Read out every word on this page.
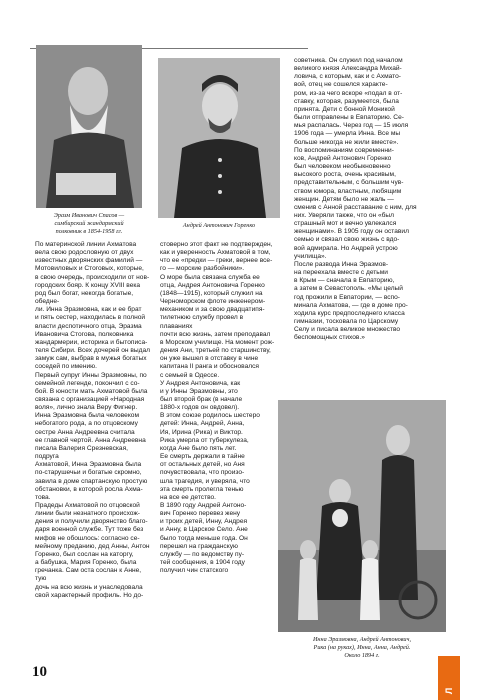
Эразм Иванович Спасов —
симбирский жандармский
полковник в 1854-1958 гг.
Андрей Антонович Горенко

По материнской линии Ахматова

вела свою родословную от двух

известных дворянских фамилий —

Мотовиловых и Стоговых, которые,

в свою очередь, происходили от нов-

городских бояр. К концу XVIII века

род был богат, некогда богатые, обедне-

ли. Инна Эразмовна, как и ее брат

и пять сестер, находилась в полной

власти деспотичного отца, Эразма

Ивановича Стогова, полковника

жандармерии, историка и бытописа-

теля Сибири. Всех дочерей он выдал

замуж сам, выбрав в мужья богатых

соседей по имению.

Первый супруг Инны Эразмовны, по

семейной легенде, покончил с со-

бой. В юности мать Ахматовой была

связана с организацией «Народная

воля», лично знала Веру Фигнер.

Инна Эразмовна была человеком

небогатого рода, а по отцовскому

сестре Анна Андреевна считала

ее главной чертой. Анна Андреевна

писала Валерия Срезневская, подруга

Ахматовой, Инна Эразмовна была

по-старушечьи и богатые скромно,

завила в доме спартанскую простую

обстановки, в которой росла Ахма-

това.

Прадеды Ахматовой по отцовской

линии были незнатного происхож-

дения и получили дворянство благо-

даря военной службе. Тут тоже без

мифов не обошлось: согласно се-

мейному преданию, дед Анны, Антон

Горенко, был сослан на каторгу,

а бабушка, Мария Горенко, была

гречанка. Сам оста сослан к Анне, тую

дочь на всю жизнь и унаследовала

свой характерный профиль. Но до-

стоверно этот факт не подтвержден,

как и уверенность Ахматовой в том,

что ее «предки — греки, вернее все-

го — морские разбойники».

О море была связана служба ее

отца, Андрея Антоновича Горенко

(1848—1915), который служил на

Черноморском флоте инженером-

механиком и за свою двадцатипя-

тилетнюю службу провел в плаваниях

почти всю жизнь, затем преподавал

в Морском училище. На момент рож-

дения Ани, третьей по старшинству,

он уже вышел в отставку в чине

капитана II ранга и обосновался

с семьей в Одессе.

У Андрея Антоновича, как

и у Инны Эразмовны, это

был второй брак (в начале

1880-х годов он овдовел).

В этом союзе родилось шестеро

детей: Инна, Андрей, Анна,

Ия, Ирина (Рика) и Виктор.

Рика умерла от туберкулеза,

когда Ане было пять лет.

Ее смерть держали в тайне

от остальных детей, но Аня

почувствовала, что произо-

шла трагедия, и уверяла, что

эта смерть пролегла тенью

на все ее детство.

В 1890 году Андрей Антоно-

вич Горенко перевез жену

и троих детей, Инну, Андрея

и Анну, в Царское Село. Ане

было тогда меньше года. Он

перешел на гражданскую

службу — по ведомству пу-

тей сообщения, в 1904 году

получил чин статского

советника. Он служил под началом

великого князя Александра Михай-

ловича, с которым, как и с Ахмато-

вой, отец не сошелся характе-

ром, из-за чего вскоре «подал в от-

ставку, которая, разумеется, была

принята. Дети с бонной Моникой

были отправлены в Евпаторию. Се-

мья распалась. Через год — 15 июля

1906 года — умерла Инна. Все мы

больше никогда не жили вместе».

По воспоминаниям современни-

ков, Андрей Антонович Горенко

был человеком необыкновенно

высокого роста, очень красивым,

представительным, с большим чув-

ством юмора, властным, любящим

женщин. Детям было не жаль —

сменив с Анной расставание с ним, для

них. Уверяли также, что он «был

страшный мот и вечно увлекался

женщинами». В 1905 году он оставил

семью и связал свою жизнь с вдо-

вой адмирала. Но Андрей устрою

училища».

После развода Инна Эразмов-

на переехала вместе с детьми

в Крым — сначала в Евпаторию,

а затем в Севастополь. «Мы целый

год прожили в Евпатории, — вспо-

минала Ахматова, — где в доме про-

ходила курс предпоследнего класса

гимназии, тосковала по Царскому

Селу и писала великое множество

беспомощных стихов.»

Инна Эразмовна, Андрей Антонович,
Рика (на руках), Инна, Анна, Андрей.
Около 1894 г.
10
Л
